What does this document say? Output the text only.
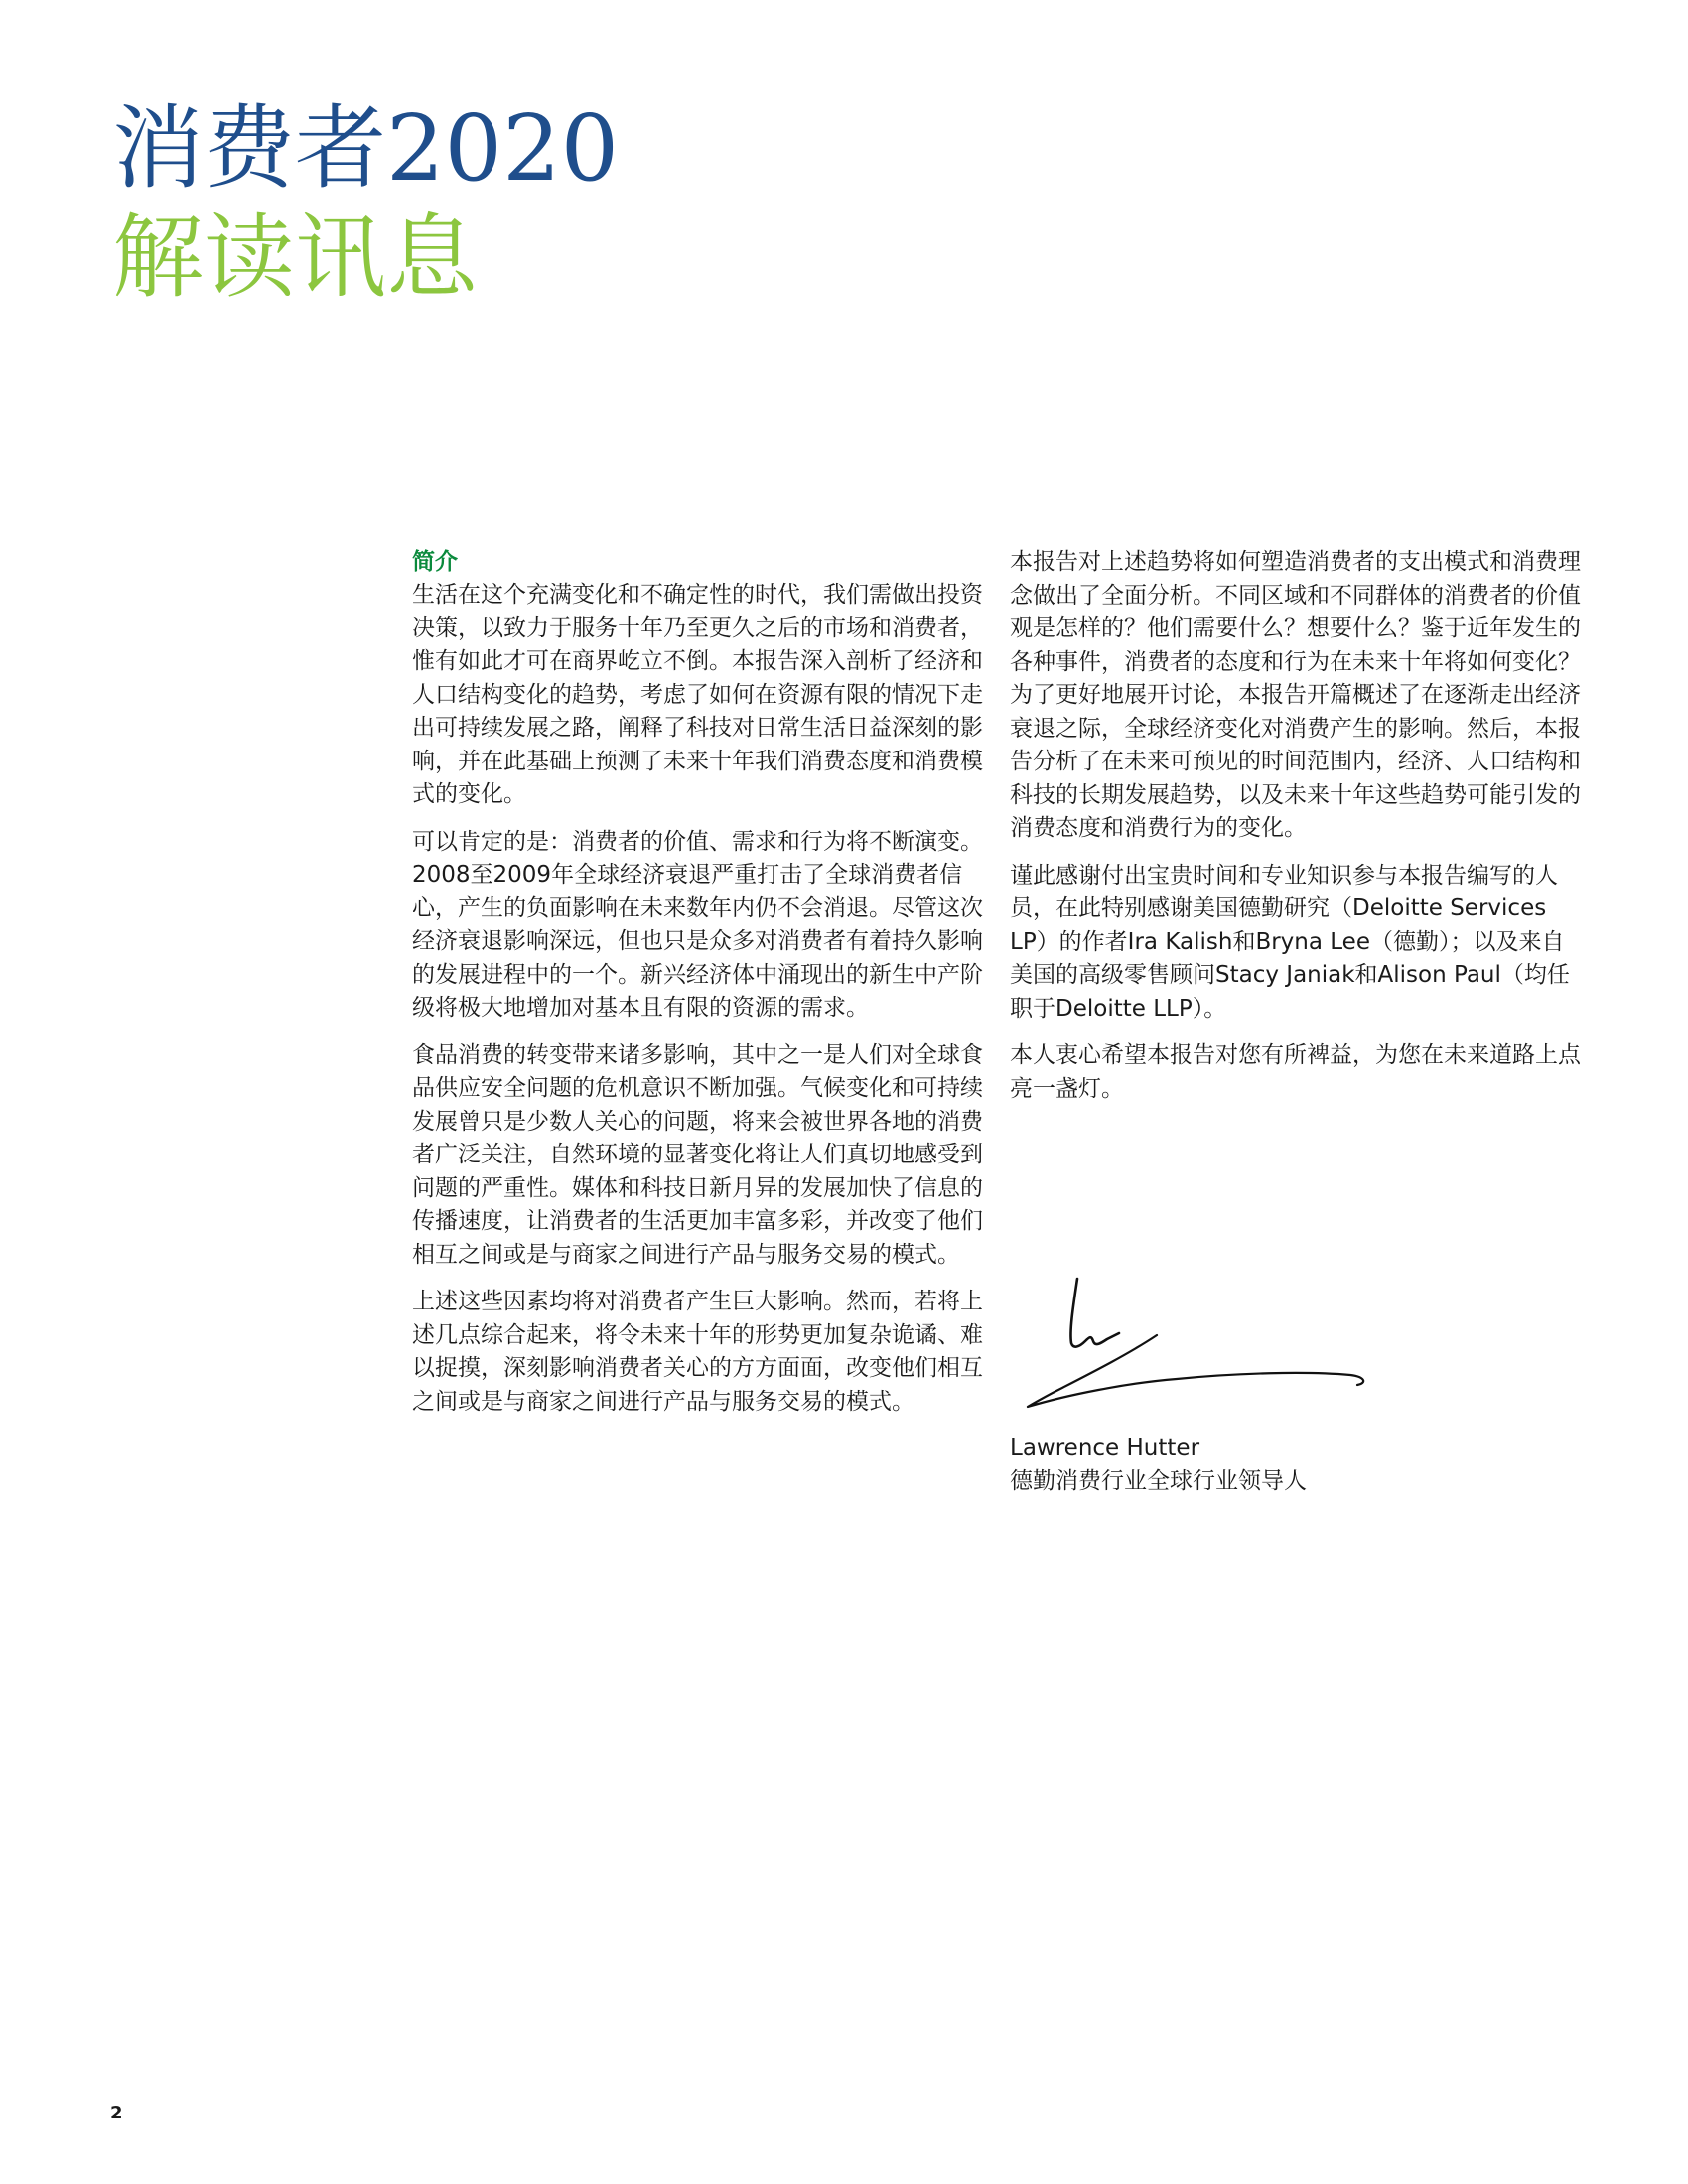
消费者2020
解读讯息
简介

生活在这个充满变化和不确定性的时代，我们需做出投资决策，以致力于服务十年乃至更久之后的市场和消费者，惟有如此才可在商界屹立不倒。本报告深入剖析了经济和人口结构变化的趋势，考虑了如何在资源有限的情况下走出可持续发展之路，阐释了科技对日常生活日益深刻的影响，并在此基础上预测了未来十年我们消费态度和消费模式的变化。

可以肯定的是：消费者的价值、需求和行为将不断演变。2008至2009年全球经济衰退严重打击了全球消费者信心，产生的负面影响在未来数年内仍不会消退。尽管这次经济衰退影响深远，但也只是众多对消费者有着持久影响的发展进程中的一个。新兴经济体中涌现出的新生中产阶级将极大地增加对基本且有限的资源的需求。

食品消费的转变带来诸多影响，其中之一是人们对全球食品供应安全问题的危机意识不断加强。气候变化和可持续发展曾只是少数人关心的问题，将来会被世界各地的消费者广泛关注，自然环境的显著变化将让人们真切地感受到问题的严重性。媒体和科技日新月异的发展加快了信息的传播速度，让消费者的生活更加丰富多彩，并改变了他们相互之间或是与商家之间进行产品与服务交易的模式。

上述这些因素均将对消费者产生巨大影响。然而，若将上述几点综合起来，将令未来十年的形势更加复杂诡谲、难以捉摸，深刻影响消费者关心的方方面面，改变他们相互之间或是与商家之间进行产品与服务交易的模式。

本报告对上述趋势将如何塑造消费者的支出模式和消费理念做出了全面分析。不同区域和不同群体的消费者的价值观是怎样的？他们需要什么？想要什么？鉴于近年发生的各种事件，消费者的态度和行为在未来十年将如何变化？为了更好地展开讨论，本报告开篇概述了在逐渐走出经济衰退之际，全球经济变化对消费产生的影响。然后，本报告分析了在未来可预见的时间范围内，经济、人口结构和科技的长期发展趋势，以及未来十年这些趋势可能引发的消费态度和消费行为的变化。

谨此感谢付出宝贵时间和专业知识参与本报告编写的人员，在此特别感谢美国德勤研究（Deloitte Services LP）的作者Ira Kalish和Bryna Lee（德勤）；以及来自美国的高级零售顾问Stacy Janiak和Alison Paul（均任职于Deloitte LLP）。

本人衷心希望本报告对您有所裨益，为您在未来道路上点亮一盏灯。

Lawrence Hutter
德勤消费行业全球行业领导人
2
